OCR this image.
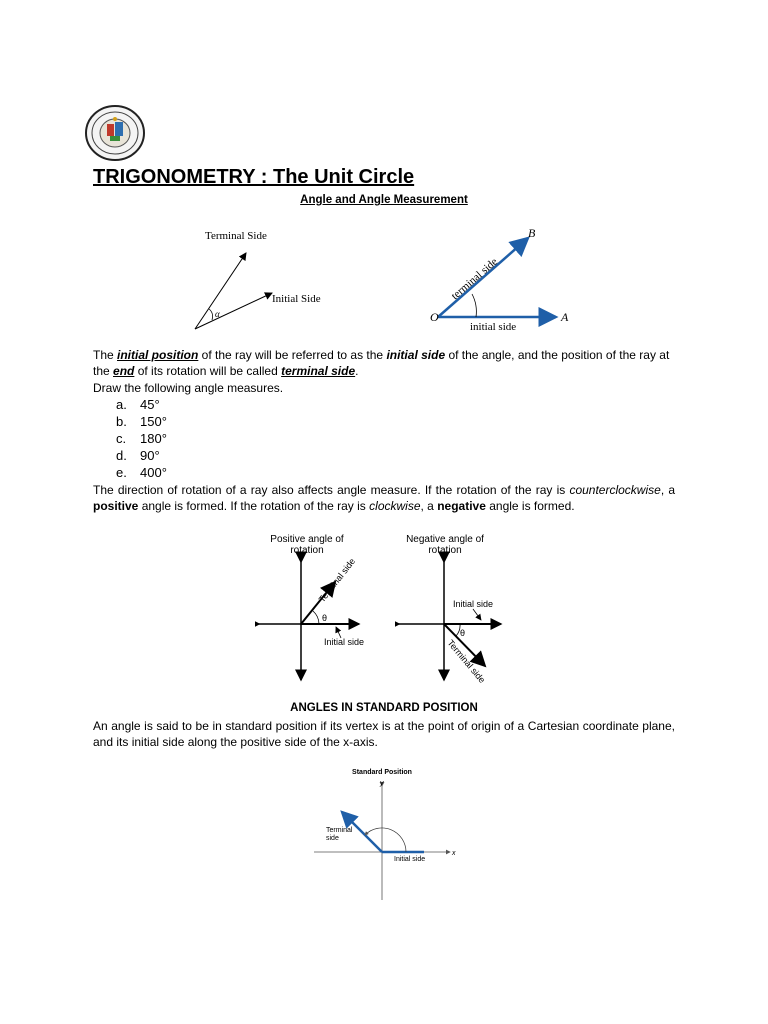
TRIGONOMETRY : The Unit Circle
Angle and Angle Measurement
Terminal Side
Initial Side
α	O	A
B
initial side
terminal side
The initial position of the ray will be referred to as the initial side of the angle, and the position of the ray at the end of its rotation will be called terminal side.
Draw the following angle measures.
a.	45°
b.	150°
c.	180°
d.	90°
e.	400°
The direction of rotation of a ray also affects angle measure. If the rotation of the ray is counterclockwise, a positive angle is formed. If the rotation of the ray is clockwise, a negative angle is formed.
Positive angle of
rotation
θ
Initial side
Terminal side
Negative angle of
rotation
θ
Initial side
Terminal side
ANGLES IN STANDARD POSITION
An angle is said to be in standard position if its vertex is at the point of origin of a Cartesian coordinate plane, and its initial side along the positive side of the x-axis.
Standard Position
y
x
Terminal
side
Initial side
